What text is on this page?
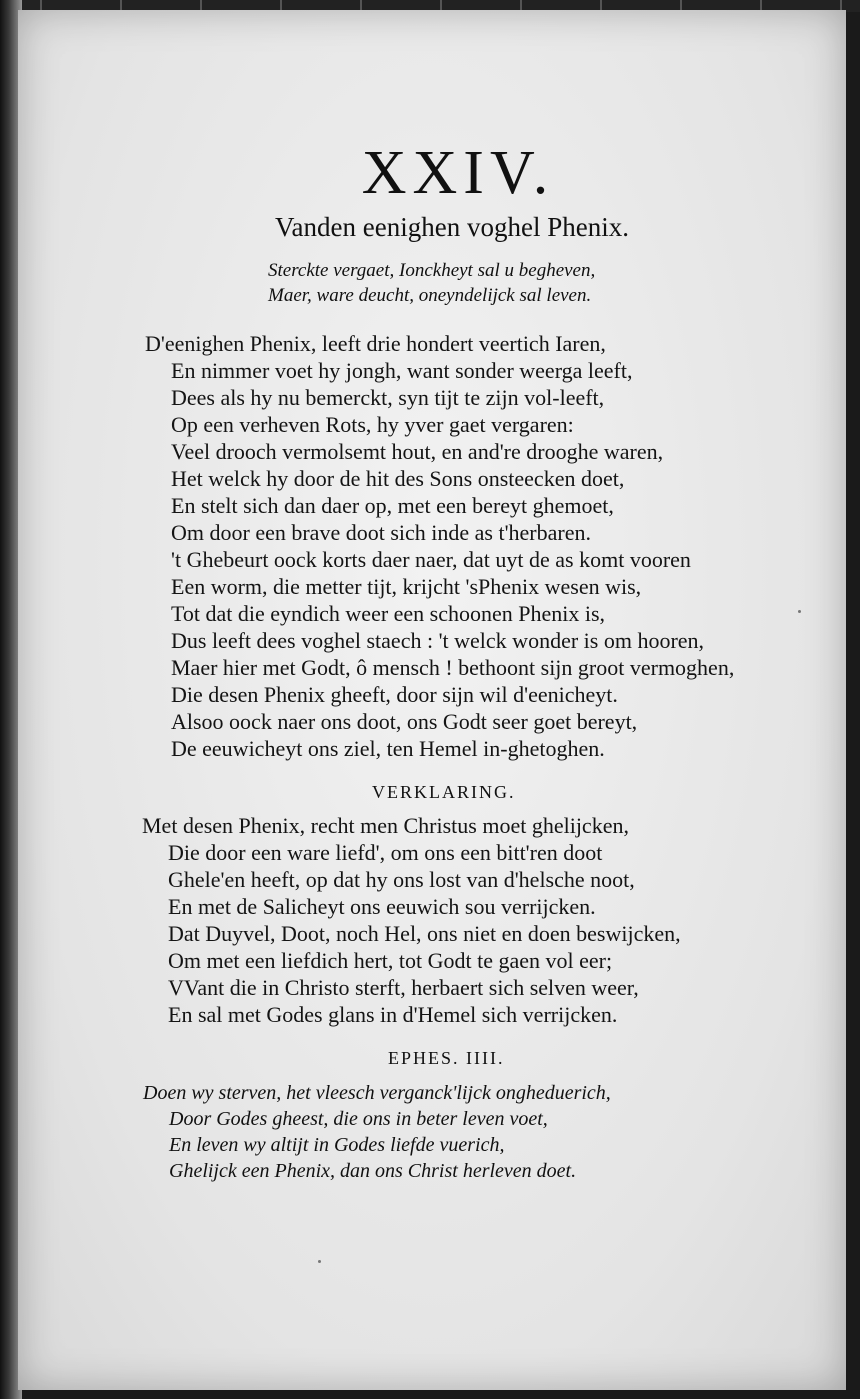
XXIV.
Vanden eenighen voghel Phenix.
Sterckte vergaet, Ionckheyt sal u begheven,
Maer, ware deucht, oneyndelijck sal leven.
D'eenighen Phenix, leeft drie hondert veertich Iaren,
En nimmer voet hy jongh, want sonder weerga leeft,
Dees als hy nu bemerckt, syn tijt te zijn vol-leeft,
Op een verheven Rots, hy yver gaet vergaren:
Veel drooch vermolsemt hout, en and're drooghe waren,
Het welck hy door de hit des Sons onsteecken doet,
En stelt sich dan daer op, met een bereyt ghemoet,
Om door een brave doot sich inde as t'herbaren.
't Ghebeurt oock korts daer naer, dat uyt de as komt vooren
Een worm, die metter tijt, krijcht 'sPhenix wesen wis,
Tot dat die eyndich weer een schoonen Phenix is,
Dus leeft dees voghel staech : 't welck wonder is om hooren,
Maer hier met Godt, ô mensch ! bethoont sijn groot vermoghen,
Die desen Phenix gheeft, door sijn wil d'eenicheyt.
Alsoo oock naer ons doot, ons Godt seer goet bereyt,
De eeuwicheyt ons ziel, ten Hemel in-ghetoghen.
VERKLARING.
Met desen Phenix, recht men Christus moet ghelijcken,
Die door een ware liefd', om ons een bitt'ren doot
Ghele'en heeft, op dat hy ons lost van d'helsche noot,
En met de Salicheyt ons eeuwich sou verrijcken.
Dat Duyvel, Doot, noch Hel, ons niet en doen beswijcken,
Om met een liefdich hert, tot Godt te gaen vol eer;
VVant die in Christo sterft, herbaert sich selven weer,
En sal met Godes glans in d'Hemel sich verrijcken.
EPHES. IIII.
Doen wy sterven, het vleesch verganck'lijck ongheduerich,
Door Godes gheest, die ons in beter leven voet,
En leven wy altijt in Godes liefde vuerich,
Ghelijck een Phenix, dan ons Christ herleven doet.
